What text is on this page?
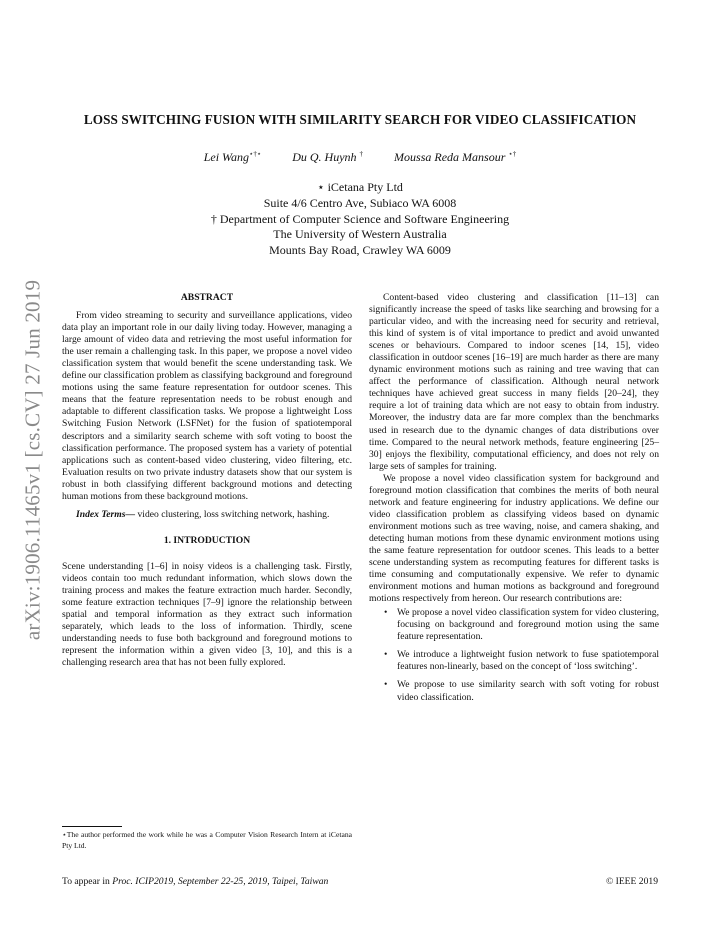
arXiv:1906.11465v1 [cs.CV] 27 Jun 2019
LOSS SWITCHING FUSION WITH SIMILARITY SEARCH FOR VIDEO CLASSIFICATION
Lei Wang⋆†⋆	Du Q. Huynh †	Moussa Reda Mansour ⋆†
⋆ iCetana Pty Ltd
Suite 4/6 Centro Ave, Subiaco WA 6008
† Department of Computer Science and Software Engineering
The University of Western Australia
Mounts Bay Road, Crawley WA 6009
ABSTRACT

From video streaming to security and surveillance applications, video data play an important role in our daily living today. However, managing a large amount of video data and retrieving the most useful information for the user remain a challenging task. In this paper, we propose a novel video classification system that would benefit the scene understanding task. We define our classification problem as classifying background and foreground motions using the same feature representation for outdoor scenes. This means that the feature representation needs to be robust enough and adaptable to different classification tasks. We propose a lightweight Loss Switching Fusion Network (LSFNet) for the fusion of spatiotemporal descriptors and a similarity search scheme with soft voting to boost the classification performance. The proposed system has a variety of potential applications such as content-based video clustering, video filtering, etc. Evaluation results on two private industry datasets show that our system is robust in both classifying different background motions and detecting human motions from these background motions.

Index Terms— video clustering, loss switching network, hashing.

1. INTRODUCTION

Scene understanding [1–6] in noisy videos is a challenging task. Firstly, videos contain too much redundant information, which slows down the training process and makes the feature extraction much harder. Secondly, some feature extraction techniques [7–9] ignore the relationship between spatial and temporal information as they extract such information separately, which leads to the loss of information. Thirdly, scene understanding needs to fuse both background and foreground motions to represent the information within a given video [3, 10], and this is a challenging research area that has not been fully explored.

⋆The author performed the work while he was a Computer Vision Research Intern at iCetana Pty Ltd.

Content-based video clustering and classification [11–13] can significantly increase the speed of tasks like searching and browsing for a particular video, and with the increasing need for security and retrieval, this kind of system is of vital importance to predict and avoid unwanted scenes or behaviours. Compared to indoor scenes [14, 15], video classification in outdoor scenes [16–19] are much harder as there are many dynamic environment motions such as raining and tree waving that can affect the performance of classification. Although neural network techniques have achieved great success in many fields [20–24], they require a lot of training data which are not easy to obtain from industry. Moreover, the industry data are far more complex than the benchmarks used in research due to the dynamic changes of data distributions over time. Compared to the neural network methods, feature engineering [25–30] enjoys the flexibility, computational efficiency, and does not rely on large sets of samples for training.

We propose a novel video classification system for background and foreground motion classification that combines the merits of both neural network and feature engineering for industry applications. We define our video classification problem as classifying videos based on dynamic environment motions such as tree waving, noise, and camera shaking, and detecting human motions from these dynamic environment motions using the same feature representation for outdoor scenes. This leads to a better scene understanding system as recomputing features for different tasks is time consuming and computationally expensive. We refer to dynamic environment motions and human motions as background and foreground motions respectively from hereon. Our research contributions are:

• We propose a novel video classification system for video clustering, focusing on background and foreground motion using the same feature representation.
• We introduce a lightweight fusion network to fuse spatiotemporal features non-linearly, based on the concept of ‘loss switching’.
• We propose to use similarity search with soft voting for robust video classification.
To appear in Proc. ICIP2019, September 22-25, 2019, Taipei, Taiwan	© IEEE 2019
